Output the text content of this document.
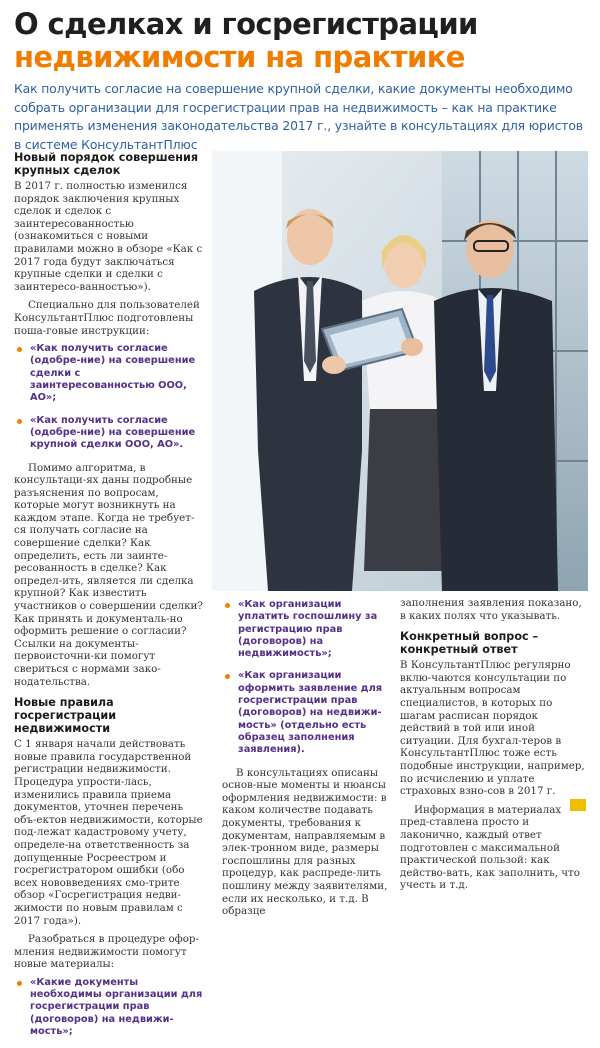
О сделках и госрегистрации
недвижимости на практике
Как получить согласие на совершение крупной сделки, какие документы необходимо собрать организации для госрегистрации прав на недвижимость – как на практике применять изменения законодательства 2017 г., узнайте в консультациях для юристов в системе КонсультантПлюс
Новый порядок совершения крупных сделок

В 2017 г. полностью изменился порядок заключения крупных сделок и сделок с заинтересованностью (ознакомиться с новыми правилами можно в обзоре «Как с 2017 года будут заключаться крупные сделки и сделки с заинтересо-ванностью»).

Специально для пользователей КонсультантПлюс подготовлены поша-говые инструкции:

«Как получить согласие (одобре-ние) на совершение сделки с заинтересованностью ООО, АО»;
«Как получить согласие (одобре-ние) на совершение крупной сделки ООО, АО».

Помимо алгоритма, в консультаци-ях даны подробные разъяснения по вопросам, которые могут возникнуть на каждом этапе. Когда не требует-ся получать согласие на совершение сделки? Как определить, есть ли заинте-ресованность в сделке? Как определ-ить, является ли сделка крупной? Как известить участников о совершении сделки? Как принять и документаль-но оформить решение о согласии? Ссылки на документы-первоисточни-ки помогут свериться с нормами зако-нодательства.

Новые правила госрегистрации недвижимости

С 1 января начали действовать новые правила государственной регистрации недвижимости. Процедура упрости-лась, изменились правила приема документов, уточнен перечень объ-ектов недвижимости, которые под-лежат кадастровому учету, определе-на ответственность за допущенные Росреестром и госрегистратором ошибки (обо всех нововведениях смо-трите обзор «Госрегистрация недви-жимости по новым правилам с 2017 года»).

Разобраться в процедуре офор-мления недвижимости помогут новые материалы:

«Какие документы необходимы организации для госрегистрации прав (договоров) на недвижи-мость»;
«Как организации уплатить госпошлину за регистрацию прав (договоров) на недвижимость»;
«Как организации оформить заявление для госрегистрации прав (договоров) на недвижи-мость» (отдельно есть образец заполнения заявления).

В консультациях описаны основ-ные моменты и нюансы оформления недвижимости: в каком количестве подавать документы, требования к документам, направляемым в элек-тронном виде, размеры госпошлины для разных процедур, как распреде-лить пошлину между заявителями, если их несколько, и т.д. В образце

заполнения заявления показано, в каких полях что указывать.

Конкретный вопрос – конкретный ответ

В КонсультантПлюс регулярно вклю-чаются консультации по актуальным вопросам специалистов, в которых по шагам расписан порядок действий в той или иной ситуации. Для бухгал-теров в КонсультантПлюс тоже есть подобные инструкции, например, по исчислению и уплате страховых взно-сов в 2017 г.

Информация в материалах пред-ставлена просто и лаконично, каждый ответ подготовлен с максимальной практической пользой: как действо-вать, как заполнить, что учесть и т.д.
